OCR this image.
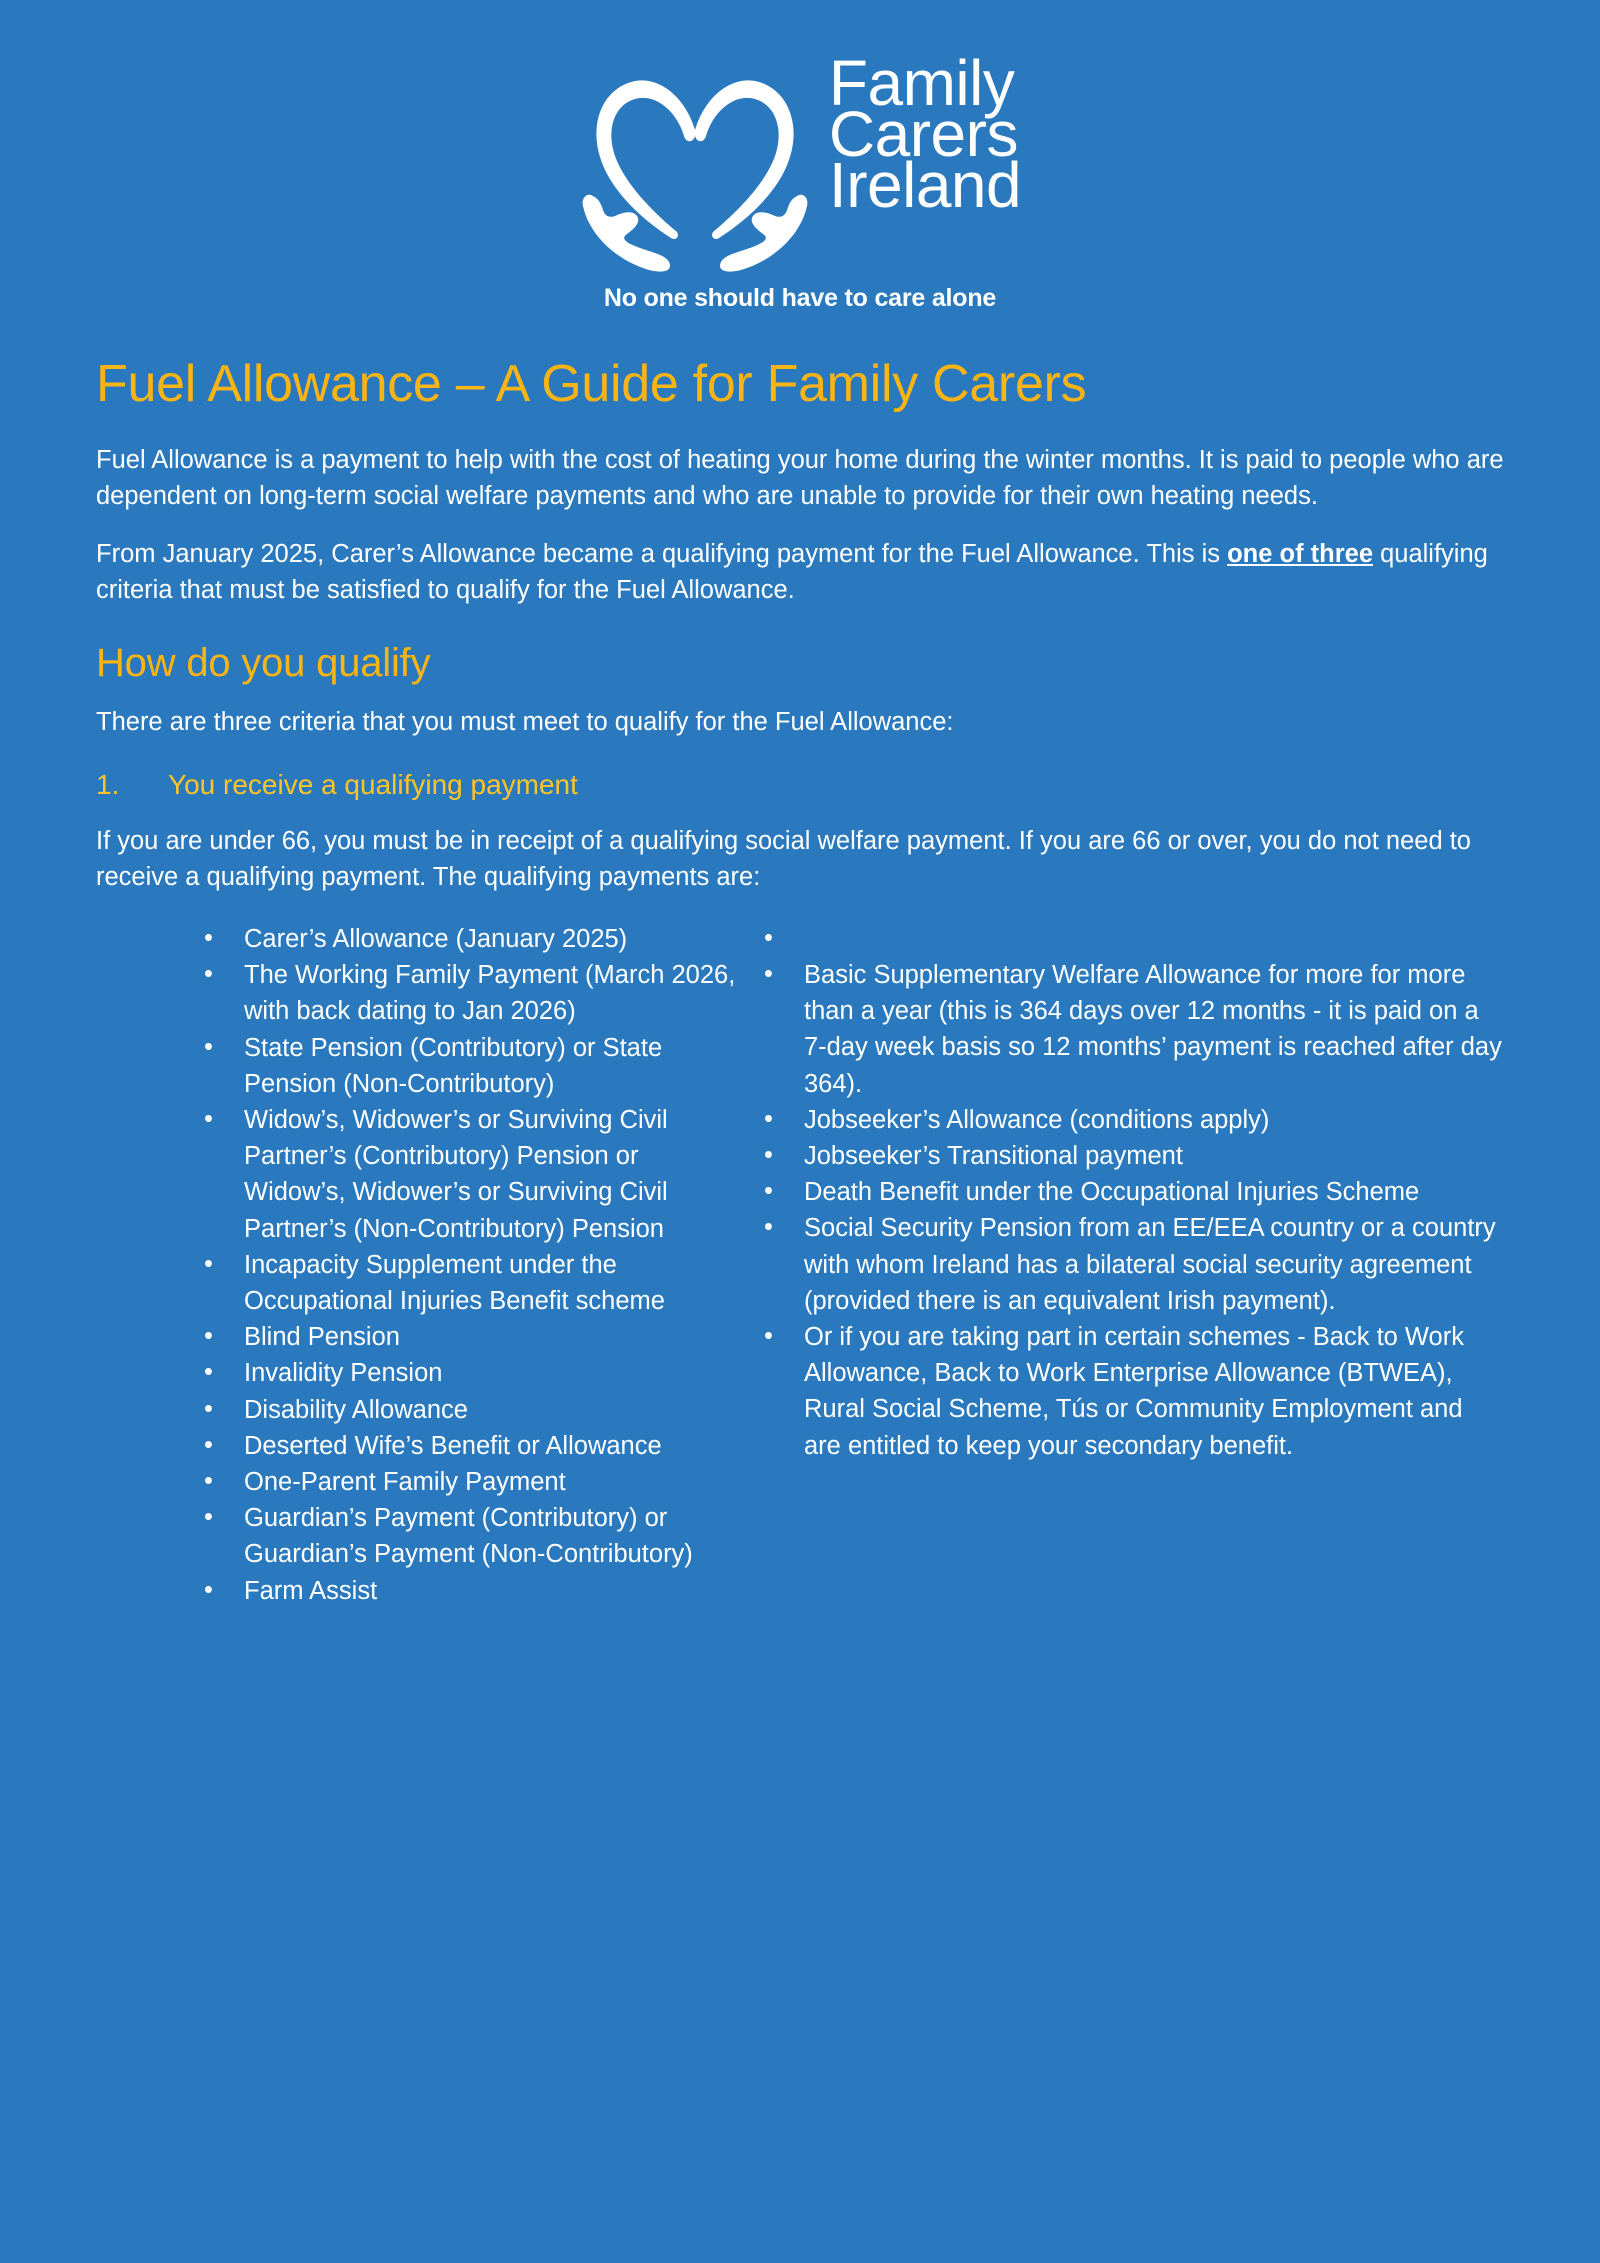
Family
Carers
Ireland
No one should have to care alone
Fuel Allowance – A Guide for Family Carers

Fuel Allowance is a payment to help with the cost of heating your home during the winter months. It is paid to people who are dependent on long-term social welfare payments and who are unable to provide for their own heating needs.

From January 2025, Carer’s Allowance became a qualifying payment for the Fuel Allowance. This is one of three qualifying criteria that must be satisfied to qualify for the Fuel Allowance.

How do you qualify

There are three criteria that you must meet to qualify for the Fuel Allowance:

1.	You receive a qualifying payment

If you are under 66, you must be in receipt of a qualifying social welfare payment. If you are 66 or over, you do not need to receive a qualifying payment. The qualifying payments are:

• Carer’s Allowance (January 2025)
• The Working Family Payment (March 2026, with back dating to Jan 2026)
• State Pension (Contributory) or State Pension (Non-Contributory)
• Widow’s, Widower’s or Surviving Civil Partner’s (Contributory) Pension or Widow’s, Widower’s or Surviving Civil Partner’s (Non-Contributory) Pension
• Incapacity Supplement under the Occupational Injuries Benefit scheme
• Blind Pension
• Invalidity Pension
• Disability Allowance
• Deserted Wife’s Benefit or Allowance
• One-Parent Family Payment
• Guardian’s Payment (Contributory) or Guardian’s Payment (Non-Contributory)
• Farm Assist
•
• Basic Supplementary Welfare Allowance for more for more than a year (this is 364 days over 12 months - it is paid on a 7-day week basis so 12 months’ payment is reached after day 364).
• Jobseeker’s Allowance (conditions apply)
• Jobseeker’s Transitional payment
• Death Benefit under the Occupational Injuries Scheme
• Social Security Pension from an EE/EEA country or a country with whom Ireland has a bilateral social security agreement (provided there is an equivalent Irish payment).
• Or if you are taking part in certain schemes - Back to Work Allowance, Back to Work Enterprise Allowance (BTWEA), Rural Social Scheme, Tús or Community Employment and are entitled to keep your secondary benefit.
